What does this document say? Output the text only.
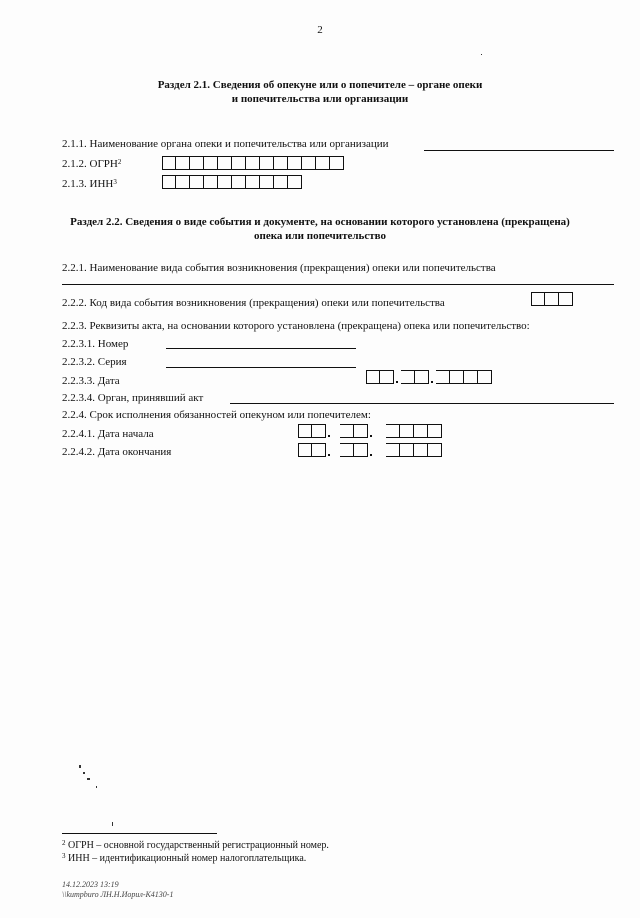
2
Раздел 2.1. Сведения об опекуне или о попечителе – органе опеки
и попечительства или организации
2.1.1. Наименование органа опеки и попечительства или организации
2.1.2. ОГРН$^2$
2.1.3. ИНН$^3$
Раздел 2.2. Сведения о виде события и документе, на основании которого установлена (прекращена)
опека или попечительство
2.2.1. Наименование вида события возникновения (прекращения) опеки или попечительства
2.2.2. Код вида события возникновения (прекращения) опеки или попечительства
2.2.3. Реквизиты акта, на основании которого установлена (прекращена) опека или попечительство:
2.2.3.1. Номер
2.2.3.2. Серия
2.2.3.3. Дата
2.2.3.4. Орган, принявший акт
2.2.4. Срок исполнения обязанностей опекуном или попечителем:
2.2.4.1. Дата начала
2.2.4.2. Дата окончания
$^2$ ОГРН – основной государственный регистрационный номер.
$^3$ ИНН – идентификационный номер налогоплательщика.
14.12.2023 13:19
\\kumpburo ЛН.Н.Иорил-К4130-1
